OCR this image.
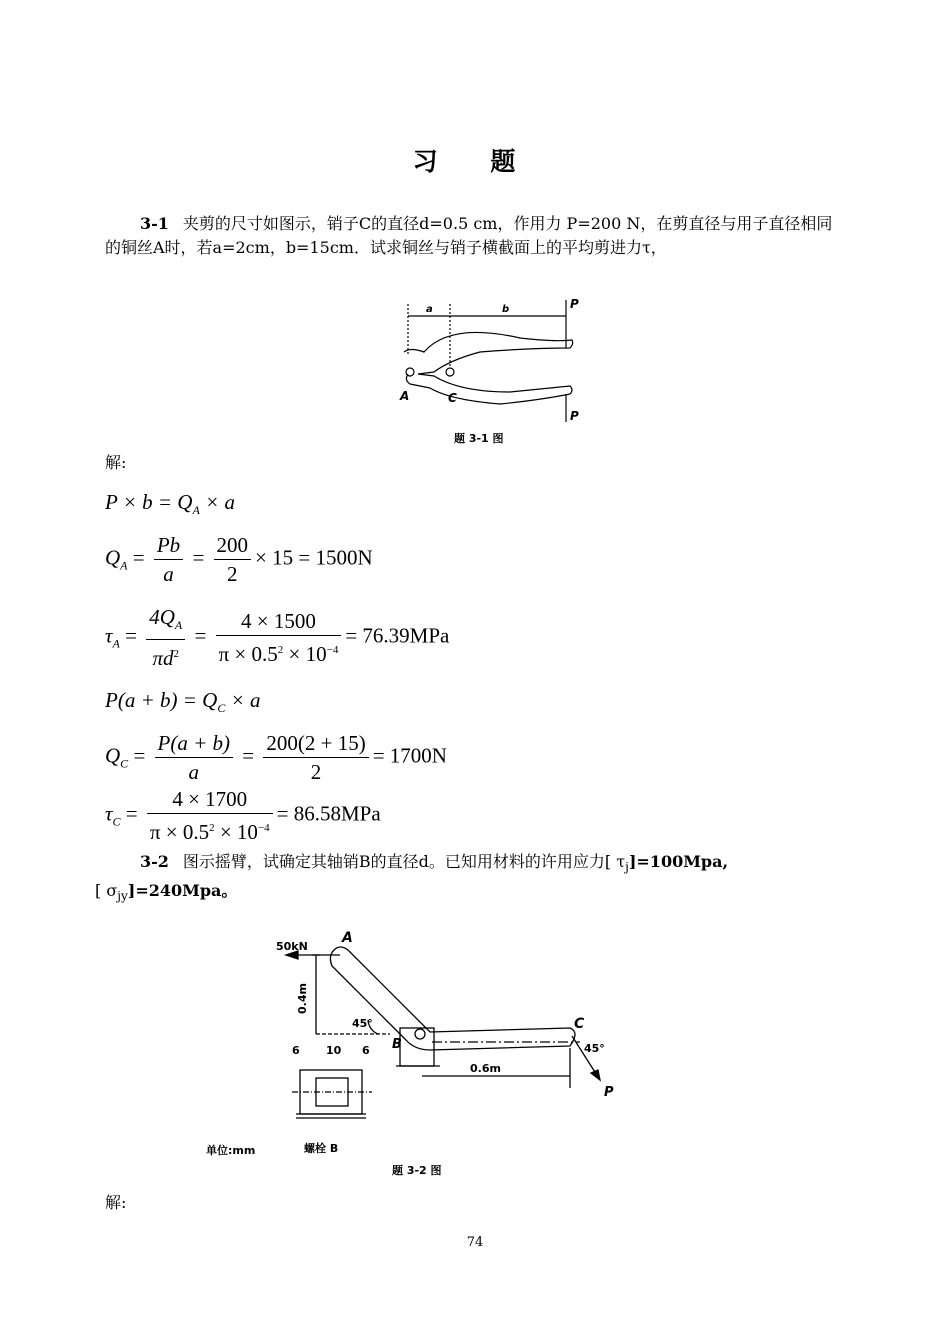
习 题
3-1 夹剪的尺寸如图示，销子C的直径d=0.5 cm，作用力 P=200 N，在剪直径与用子直径相同的铜丝A时，若a=2cm，b=15cm．试求铜丝与销子横截面上的平均剪进力τ，
a	b	P
P
A	C
题 3-1 图
解:
$P \times b = Q_A \times a$
$Q_A = \frac{Pb}{a} = \frac{200}{2} \times 15 = 1500N$
$\tau_A = \frac{4Q_A}{\pi d^2} = \frac{4 \times 1500}{\pi \times 0.5^2 \times 10^{-4}} = 76.39MPa$
$P(a + b) = Q_C \times a$
$Q_C = \frac{P(a + b)}{a} = \frac{200(2 + 15)}{2} = 1700N$
$\tau_C = \frac{4 \times 1700}{\pi \times 0.5^2 \times 10^{-4}} = 86.58MPa$
3-2 图示摇臂，试确定其轴销B的直径d。已知用材料的许用应力[ $\tau_j]=100Mpa$,
[ $\sigma_{jy}]=240Mpa$。
50kN
A
0.4m
45°
B
C
45°
0.6m
P
6 10 6
单位:mm	螺栓 B
题 3-2 图
解:
74
